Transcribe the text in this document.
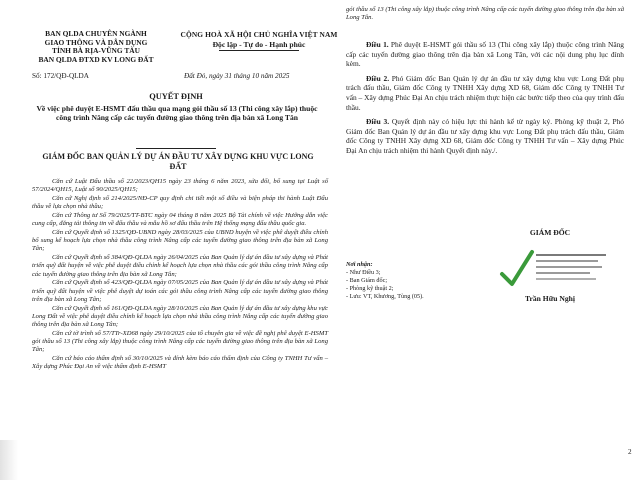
BAN QLDA CHUYÊN NGÀNH
GIAO THÔNG VÀ DÂN DỤNG
TỈNH BÀ RỊA-VŨNG TÀU
BAN QLDA ĐTXD KV LONG ĐẤT
Số: 172/QĐ-QLDA
CỘNG HOÀ XÃ HỘI CHỦ NGHĨA VIỆT NAM
Độc lập - Tự do - Hạnh phúc
Đất Đỏ, ngày 31 tháng 10 năm 2025
QUYẾT ĐỊNH
Về việc phê duyệt E-HSMT đấu thầu qua mạng gói thầu số 13 (Thi công xây lắp) thuộc công trình Nâng cấp các tuyến đường giao thông trên địa bàn xã Long Tân
GIÁM ĐỐC BAN QUẢN LÝ DỰ ÁN ĐẦU TƯ XÂY DỰNG KHU VỰC LONG ĐẤT
Căn cứ Luật Đấu thầu số 22/2023/QH15 ngày 23 tháng 6 năm 2023, sửa đổi, bổ sung tại Luật số 57/2024/QH15, Luật số 90/2025/QH15;
Căn cứ Nghị định số 214/2025/NĐ-CP quy định chi tiết một số điều và biện pháp thi hành Luật Đấu thầu về lựa chọn nhà thầu;
Căn cứ Thông tư Số 79/2025/TT-BTC ngày 04 tháng 8 năm 2025 Bộ Tài chính về việc Hướng dẫn việc cung cấp, đăng tải thông tin về đấu thầu và mẫu hồ sơ đấu thầu trên Hệ thống mạng đấu thầu quốc gia.
Căn cứ Quyết định số 1325/QĐ-UBND ngày 28/03/2025 của UBND huyện về việc phê duyệt điều chỉnh bổ sung kế hoạch lựa chọn nhà thầu công trình Nâng cấp các tuyến đường giao thông trên địa bàn xã Long Tân;
Căn cứ Quyết định số 384/QĐ-QLDA ngày 26/04/2025 của Ban Quản lý dự án đầu tư xây dựng và Phát triển quỹ đất huyện về việc phê duyệt điều chỉnh kế hoạch lựa chọn nhà thầu các gói thầu công trình Nâng cấp các tuyến đường giao thông trên địa bàn xã Long Tân;
Căn cứ Quyết định số 423/QĐ-QLDA ngày 07/05/2025 của Ban Quản lý dự án đầu tư xây dựng và Phát triển quỹ đất huyện về việc phê duyệt dự toán các gói thầu công trình Nâng cấp các tuyến đường giao thông trên địa bàn xã Long Tân;
Căn cứ Quyết định số 161/QĐ-QLDA ngày 28/10/2025 của Ban Quản lý dự án đầu tư xây dựng khu vực Long Đất về việc phê duyệt điều chỉnh kế hoạch lựa chọn nhà thầu công trình Nâng cấp các tuyến đường giao thông trên địa bàn xã Long Tân;
Căn cứ tờ trình số 57/TTr-XD68 ngày 29/10/2025 của tổ chuyên gia về việc đề nghị phê duyệt E-HSMT gói thầu số 13 (Thi công xây lắp) thuộc công trình Nâng cấp các tuyến đường giao thông trên địa bàn xã Long Tân;
Căn cứ báo cáo thẩm định số 30/10/2025 và đính kèm báo cáo thẩm định của Công ty TNHH Tư vấn – Xây dựng Phúc Đại An về việc thẩm định E-HSMT
gói thầu số 13 (Thi công xây lắp) thuộc công trình Nâng cấp các tuyến đường giao thông trên địa bàn xã Long Tân.
Điều 1. Phê duyệt E-HSMT gói thầu số 13 (Thi công xây lắp) thuộc công trình Nâng cấp các tuyến đường giao thông trên địa bàn xã Long Tân, với các nội dung phụ lục đính kèm.
Điều 2. Phó Giám đốc Ban Quản lý dự án đầu tư xây dựng khu vực Long Đất phụ trách đấu thầu, Giám đốc Công ty TNHH Xây dựng XD 68, Giám đốc Công ty TNHH Tư vấn – Xây dựng Phúc Đại An chịu trách nhiệm thực hiện các bước tiếp theo của quy trình đấu thầu.
Điều 3. Quyết định này có hiệu lực thi hành kể từ ngày ký. Phòng kỹ thuật 2, Phó Giám đốc Ban Quản lý dự án đầu tư xây dựng khu vực Long Đất phụ trách đấu thầu, Giám đốc Công ty TNHH Xây dựng XD 68, Giám đốc Công ty TNHH Tư vấn – Xây dựng Phúc Đại An chịu trách nhiệm thi hành Quyết định này./.
Nơi nhận:
- Như Điều 3;
- Ban Giám đốc;
- Phòng kỹ thuật 2;
- Lưu: VT, Khương, Tùng (05).
GIÁM ĐỐC
Trần Hữu Nghị
2
